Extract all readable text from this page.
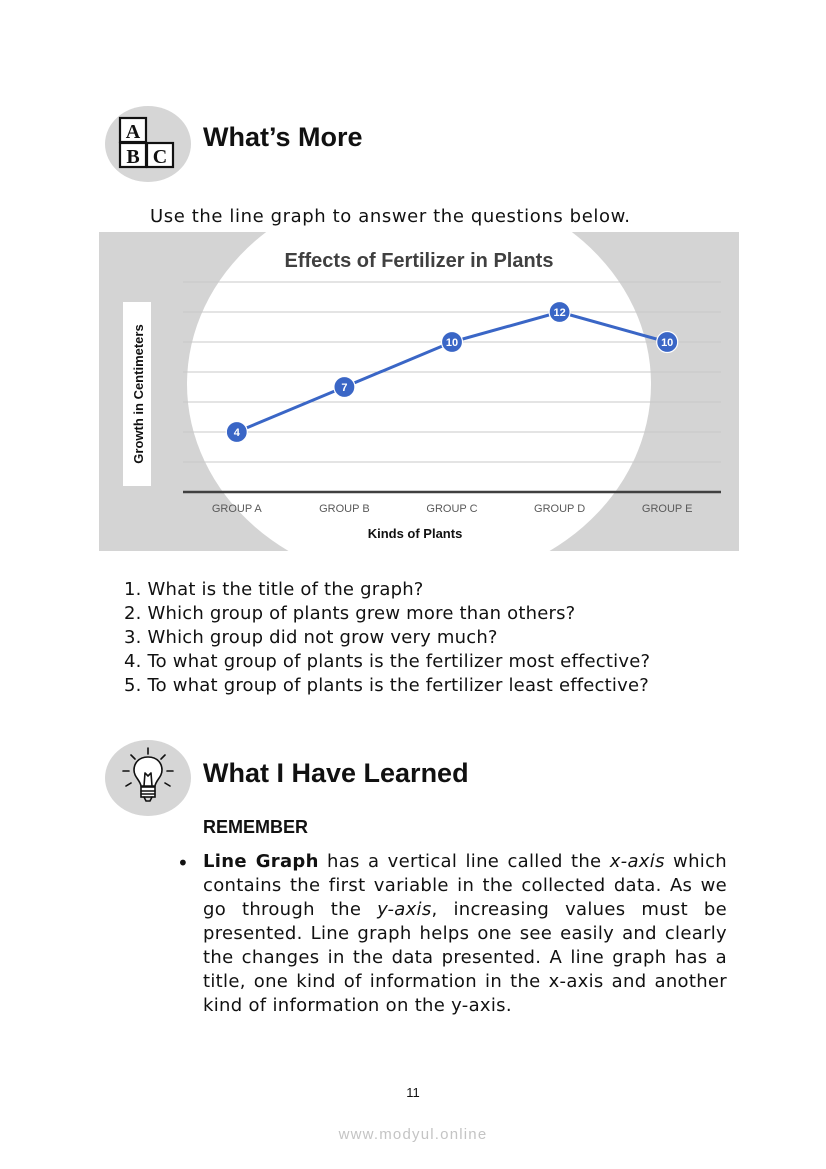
A
B C
What’s More
Use the line graph to answer the questions below.
Effects of Fertilizer in Plants
Growth in Centimeters
Kinds of Plants
GROUP A	GROUP B	GROUP C	GROUP D	GROUP E
4
7
10
12
10
1. What is the title of the graph?
2. Which group of plants grew more than others?
3. Which group did not grow very much?
4. To what group of plants is the fertilizer most effective?
5. To what group of plants is the fertilizer least effective?
What I Have Learned
REMEMBER
• Line Graph has a vertical line called the x-axis which contains the first variable in the collected data. As we go through the y-axis, increasing values must be presented. Line graph helps one see easily and clearly the changes in the data presented. A line graph has a title, one kind of information in the x-axis and another kind of information on the y-axis.

11
www.modyul.online
